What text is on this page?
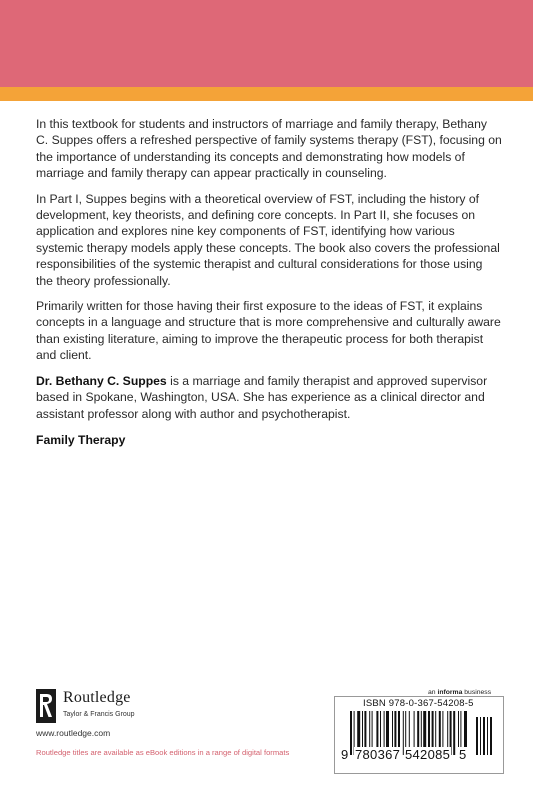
In this textbook for students and instructors of marriage and family therapy, Bethany C. Suppes offers a refreshed perspective of family systems therapy (FST), focusing on the importance of understanding its concepts and demonstrating how models of marriage and family therapy can appear practically in counseling.

In Part I, Suppes begins with a theoretical overview of FST, including the history of development, key theorists, and defining core concepts. In Part II, she focuses on application and explores nine key components of FST, identifying how various systemic therapy models apply these concepts. The book also covers the professional responsibilities of the systemic therapist and cultural considerations for those using the theory professionally.

Primarily written for those having their first exposure to the ideas of FST, it explains concepts in a language and structure that is more comprehensive and culturally aware than existing literature, aiming to improve the therapeutic process for both therapist and client.

Dr. Bethany C. Suppes is a marriage and family therapist and approved supervisor based in Spokane, Washington, USA. She has experience as a clinical director and assistant professor along with author and psychotherapist.

Family Therapy
Routledge
Taylor & Francis Group
www.routledge.com
Routledge titles are available as eBook editions in a range of digital formats
an informa business
ISBN 978-0-367-54208-5
9 780367 542085 5
